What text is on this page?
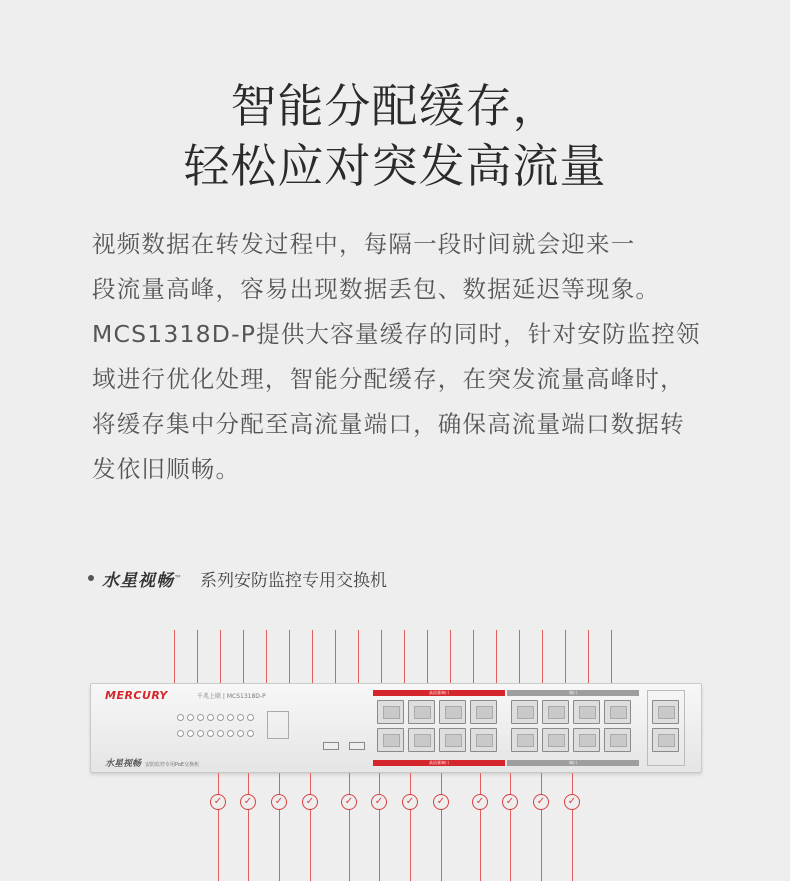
智能分配缓存，
轻松应对突发高流量
视频数据在转发过程中，每隔一段时间就会迎来一
段流量高峰，容易出现数据丢包、数据延迟等现象。
MCS1318D-P提供大容量缓存的同时，针对安防监控领
域进行优化处理，智能分配缓存，在突发流量高峰时，
将缓存集中分配至高流量端口，确保高流量端口数据转
发依旧顺畅。
水星视畅 ™ 系列安防监控专用交换机
MERCURY	千兆上联 | MCS1318D-P
水星视畅 安防监控专用PoE交换机
高流量端口
高流量端口
端口
端口
✓	✓	✓	✓	✓	✓	✓	✓	✓	✓	✓	✓
